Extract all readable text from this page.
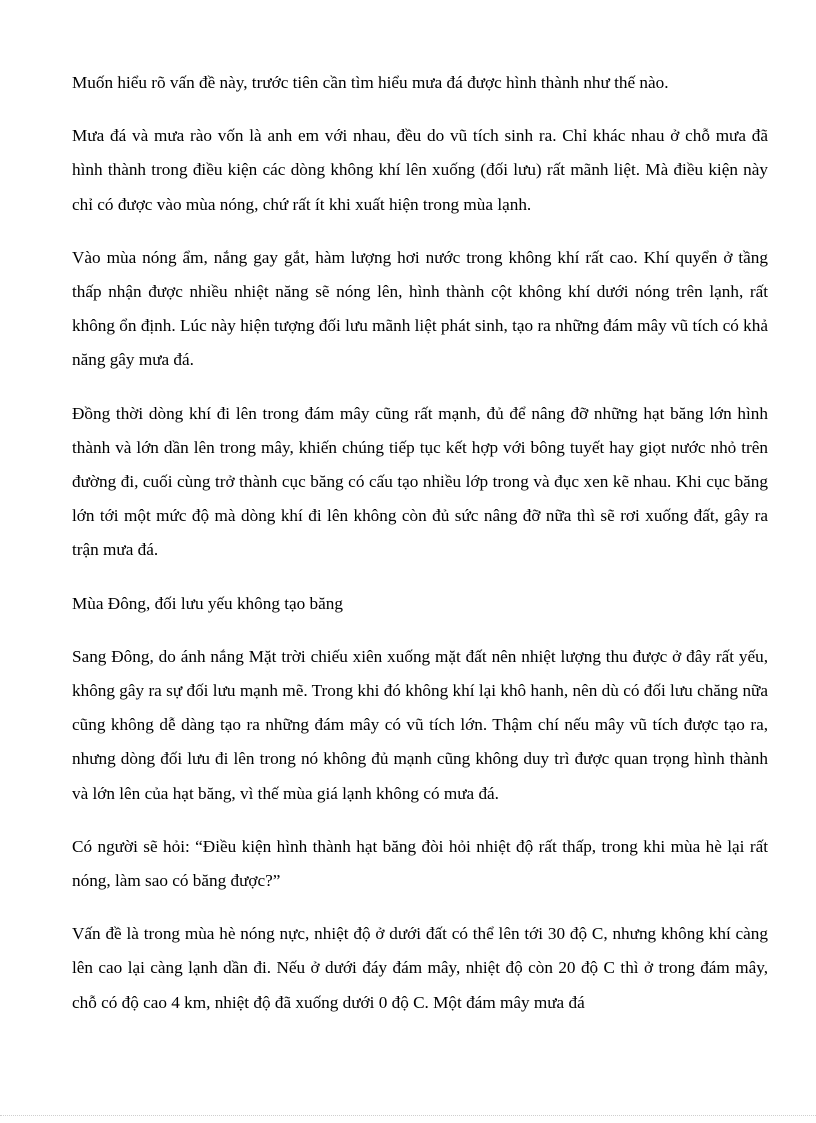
Muốn hiểu rõ vấn đề này, trước tiên cần tìm hiểu mưa đá được hình thành như thế nào.

Mưa đá và mưa rào vốn là anh em với nhau, đều do vũ tích sinh ra. Chỉ khác nhau ở chỗ mưa đã hình thành trong điều kiện các dòng không khí lên xuống (đối lưu) rất mãnh liệt. Mà điều kiện này chỉ có được vào mùa nóng, chứ rất ít khi xuất hiện trong mùa lạnh.

Vào mùa nóng ẩm, nắng gay gắt, hàm lượng hơi nước trong không khí rất cao. Khí quyển ở tầng thấp nhận được nhiều nhiệt năng sẽ nóng lên, hình thành cột không khí dưới nóng trên lạnh, rất không ổn định. Lúc này hiện tượng đối lưu mãnh liệt phát sinh, tạo ra những đám mây vũ tích có khả năng gây mưa đá.

Đồng thời dòng khí đi lên trong đám mây cũng rất mạnh, đủ để nâng đỡ những hạt băng lớn hình thành và lớn dần lên trong mây, khiến chúng tiếp tục kết hợp với bông tuyết hay giọt nước nhỏ trên đường đi, cuối cùng trở thành cục băng có cấu tạo nhiều lớp trong và đục xen kẽ nhau. Khi cục băng lớn tới một mức độ mà dòng khí đi lên không còn đủ sức nâng đỡ nữa thì sẽ rơi xuống đất, gây ra trận mưa đá.

Mùa Đông, đối lưu yếu không tạo băng

Sang Đông, do ánh nắng Mặt trời chiếu xiên xuống mặt đất nên nhiệt lượng thu được ở đây rất yếu, không gây ra sự đối lưu mạnh mẽ. Trong khi đó không khí lại khô hanh, nên dù có đối lưu chăng nữa cũng không dễ dàng tạo ra những đám mây có vũ tích lớn. Thậm chí nếu mây vũ tích được tạo ra, nhưng dòng đối lưu đi lên trong nó không đủ mạnh cũng không duy trì được quan trọng hình thành và lớn lên của hạt băng, vì thế mùa giá lạnh không có mưa đá.

Có người sẽ hỏi: “Điều kiện hình thành hạt băng đòi hỏi nhiệt độ rất thấp, trong khi mùa hè lại rất nóng, làm sao có băng được?”

Vấn đề là trong mùa hè nóng nực, nhiệt độ ở dưới đất có thể lên tới 30 độ C, nhưng không khí càng lên cao lại càng lạnh dần đi. Nếu ở dưới đáy đám mây, nhiệt độ còn 20 độ C thì ở trong đám mây, chỗ có độ cao 4 km, nhiệt độ đã xuống dưới 0 độ C. Một đám mây mưa đá
